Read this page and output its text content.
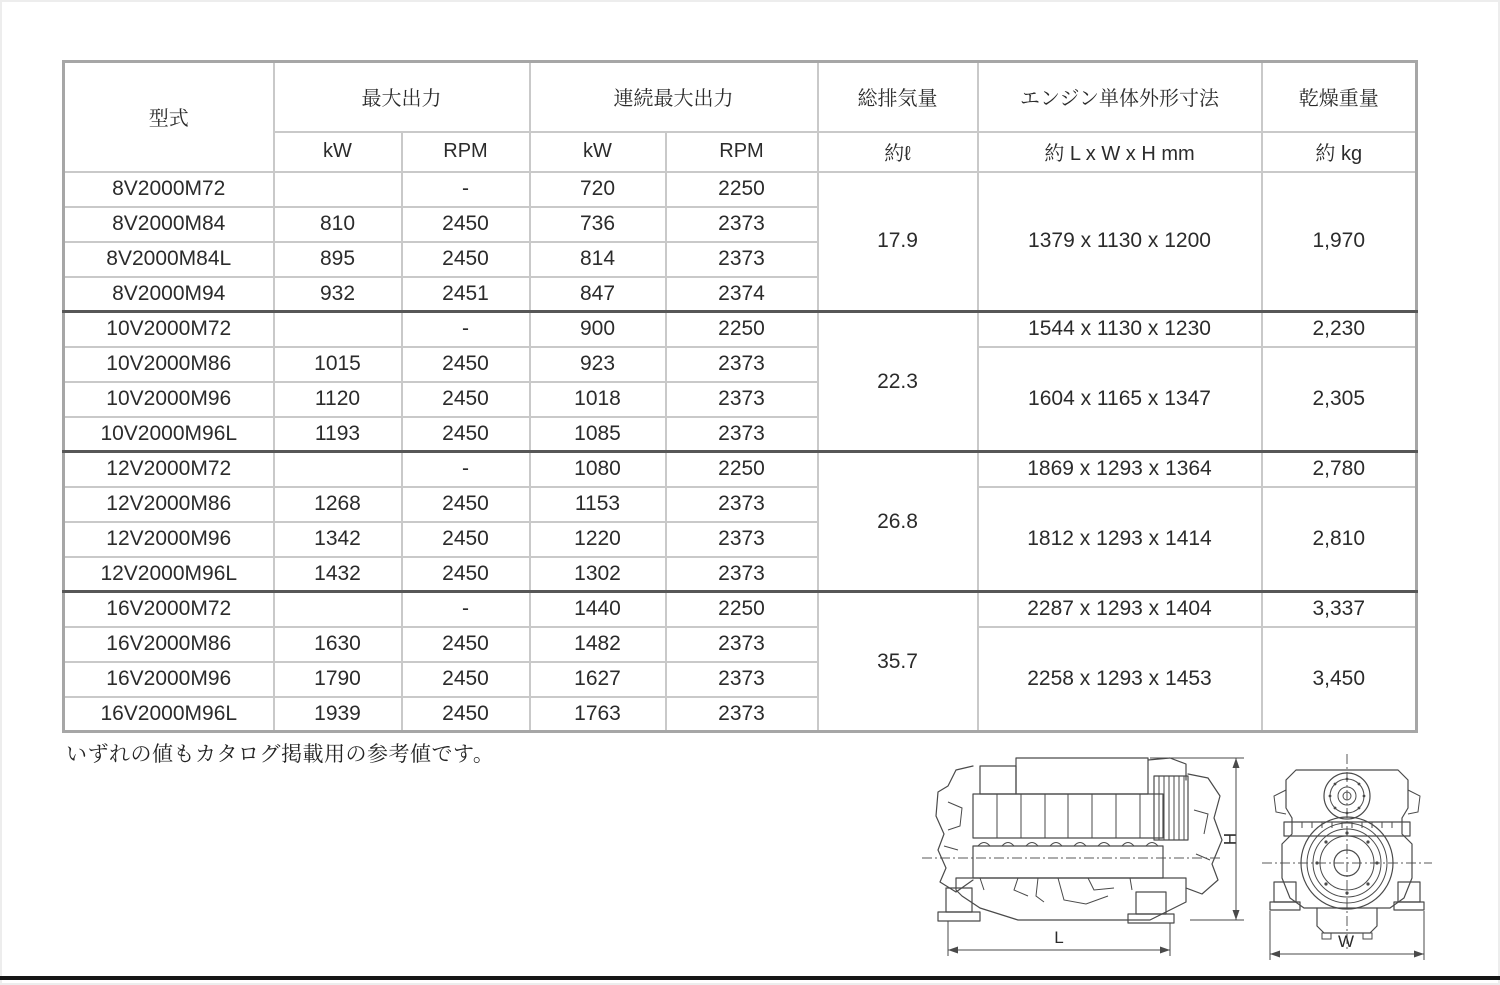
型式	最大出力		連続最大出力		総排気量	エンジン単体外形寸法	乾燥重量
	kW	RPM	kW	RPM	約ℓ	約 L x W x H mm	約 kg
8V2000M72		-	720	2250	17.9	1379 x 1130 x 1200	1,970
8V2000M84	810	2450	736	2373			
8V2000M84L	895	2450	814	2373			
8V2000M94	932	2451	847	2374			
10V2000M72		-	900	2250	22.3	1544 x 1130 x 1230	2,230
10V2000M86	1015	2450	923	2373		1604 x 1165 x 1347	2,305
10V2000M96	1120	2450	1018	2373			
10V2000M96L	1193	2450	1085	2373			
12V2000M72		-	1080	2250	26.8	1869 x 1293 x 1364	2,780
12V2000M86	1268	2450	1153	2373		1812 x 1293 x 1414	2,810
12V2000M96	1342	2450	1220	2373			
12V2000M96L	1432	2450	1302	2373			
16V2000M72		-	1440	2250	35.7	2287 x 1293 x 1404	3,337
16V2000M86	1630	2450	1482	2373		2258 x 1293 x 1453	3,450
16V2000M96	1790	2450	1627	2373			
16V2000M96L	1939	2450	1763	2373			
いずれの値もカタログ掲載用の参考値です。
H
L	W
